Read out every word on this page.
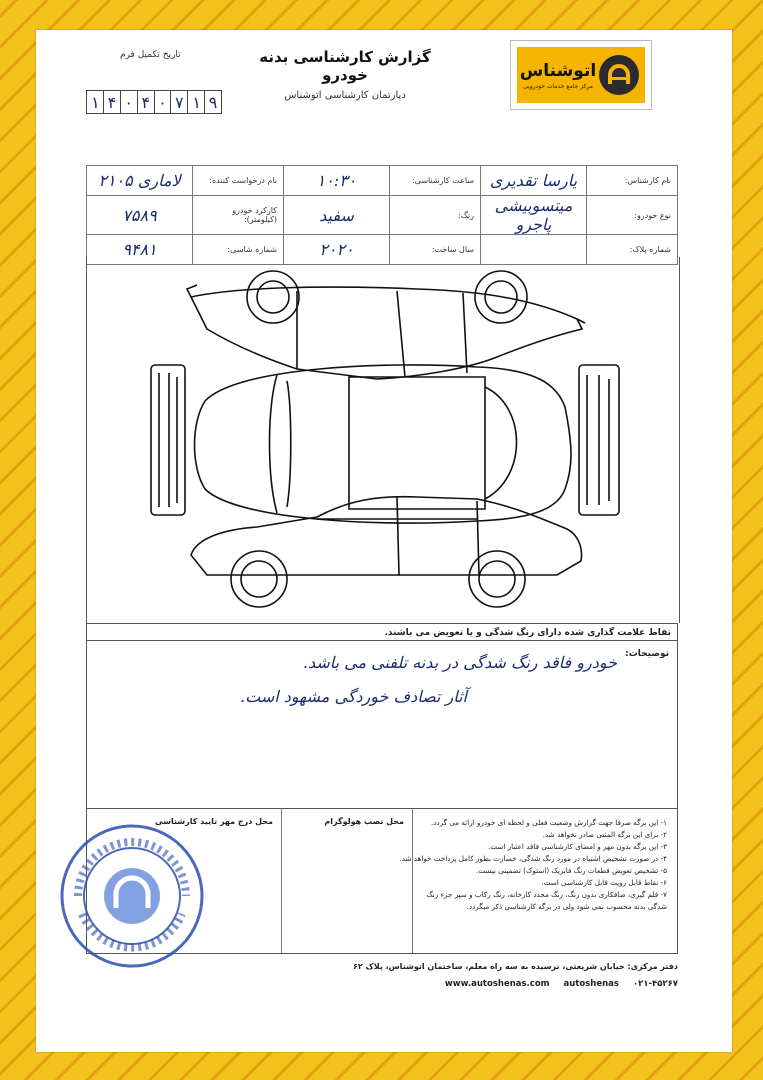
اتوشناس
مرکز جامع خدمات خودرویی
گزارش کارشناسی بدنه خودرو
دپارتمان کارشناسی اتوشناس
تاریخ تکمیل فرم
۱ ۴ ۰ ۴ ۰ ۷ ۱ ۹
نام کارشناس:	یارسا تقدیری	ساعت کارشناسی:	۱۰:۳۰	نام درخواست کننده:	لاماری ۲۱۰۵
نوع خودرو:	میتسوبیشی پاجرو	رنگ:	سفید	کارکرد خودرو (کیلومتر):	۷۵۸۹
شماره پلاک:		سال ساخت:	۲۰۲۰	شماره شاسی:	۹۴۸۱
نقاط علامت گذاری شده دارای رنگ شدگی و یا تعویض می باشند.
توضیحات:
خودرو فاقد رنگ شدگی در بدنه تلفنی می باشد.
آثار تصادف خوردگی مشهود است.
۱- این برگه صرفا جهت گزارش وضعیت فعلی و لحظه ای خودرو ارائه می گردد.
۲- برای این برگه المثنی صادر نخواهد شد.
۳- این برگه بدون مهر و امضای کارشناسی فاقد اعتبار است.
۴- در صورت تشخیص اشتباه در مورد رنگ شدگی، خسارت بطور کامل پرداخت خواهد شد.
۵- تشخیص تعویض قطعات رنگ فابریک (استوک) تضمینی نیست.
۶- نقاط قابل رویت قابل کارشناسی است.
۷- قلم گیری، صافکاری بدون رنگ، رنگ مجدد کارخانه، رنگ رکاب و سپر جزء رنگ
شدگی بدنه محسوب نمی شود ولی در برگه کارشناسی ذکر میگردد.
محل نصب هولوگرام
محل درج مهر تایید کارشناسی
دفتر مرکزی: خیابان شریعتی، نرسیده به سه راه معلم، ساختمان اتوشناس، پلاک ۶۲
۰۲۱-۴۵۲۶۷
autoshenas
www.autoshenas.com
